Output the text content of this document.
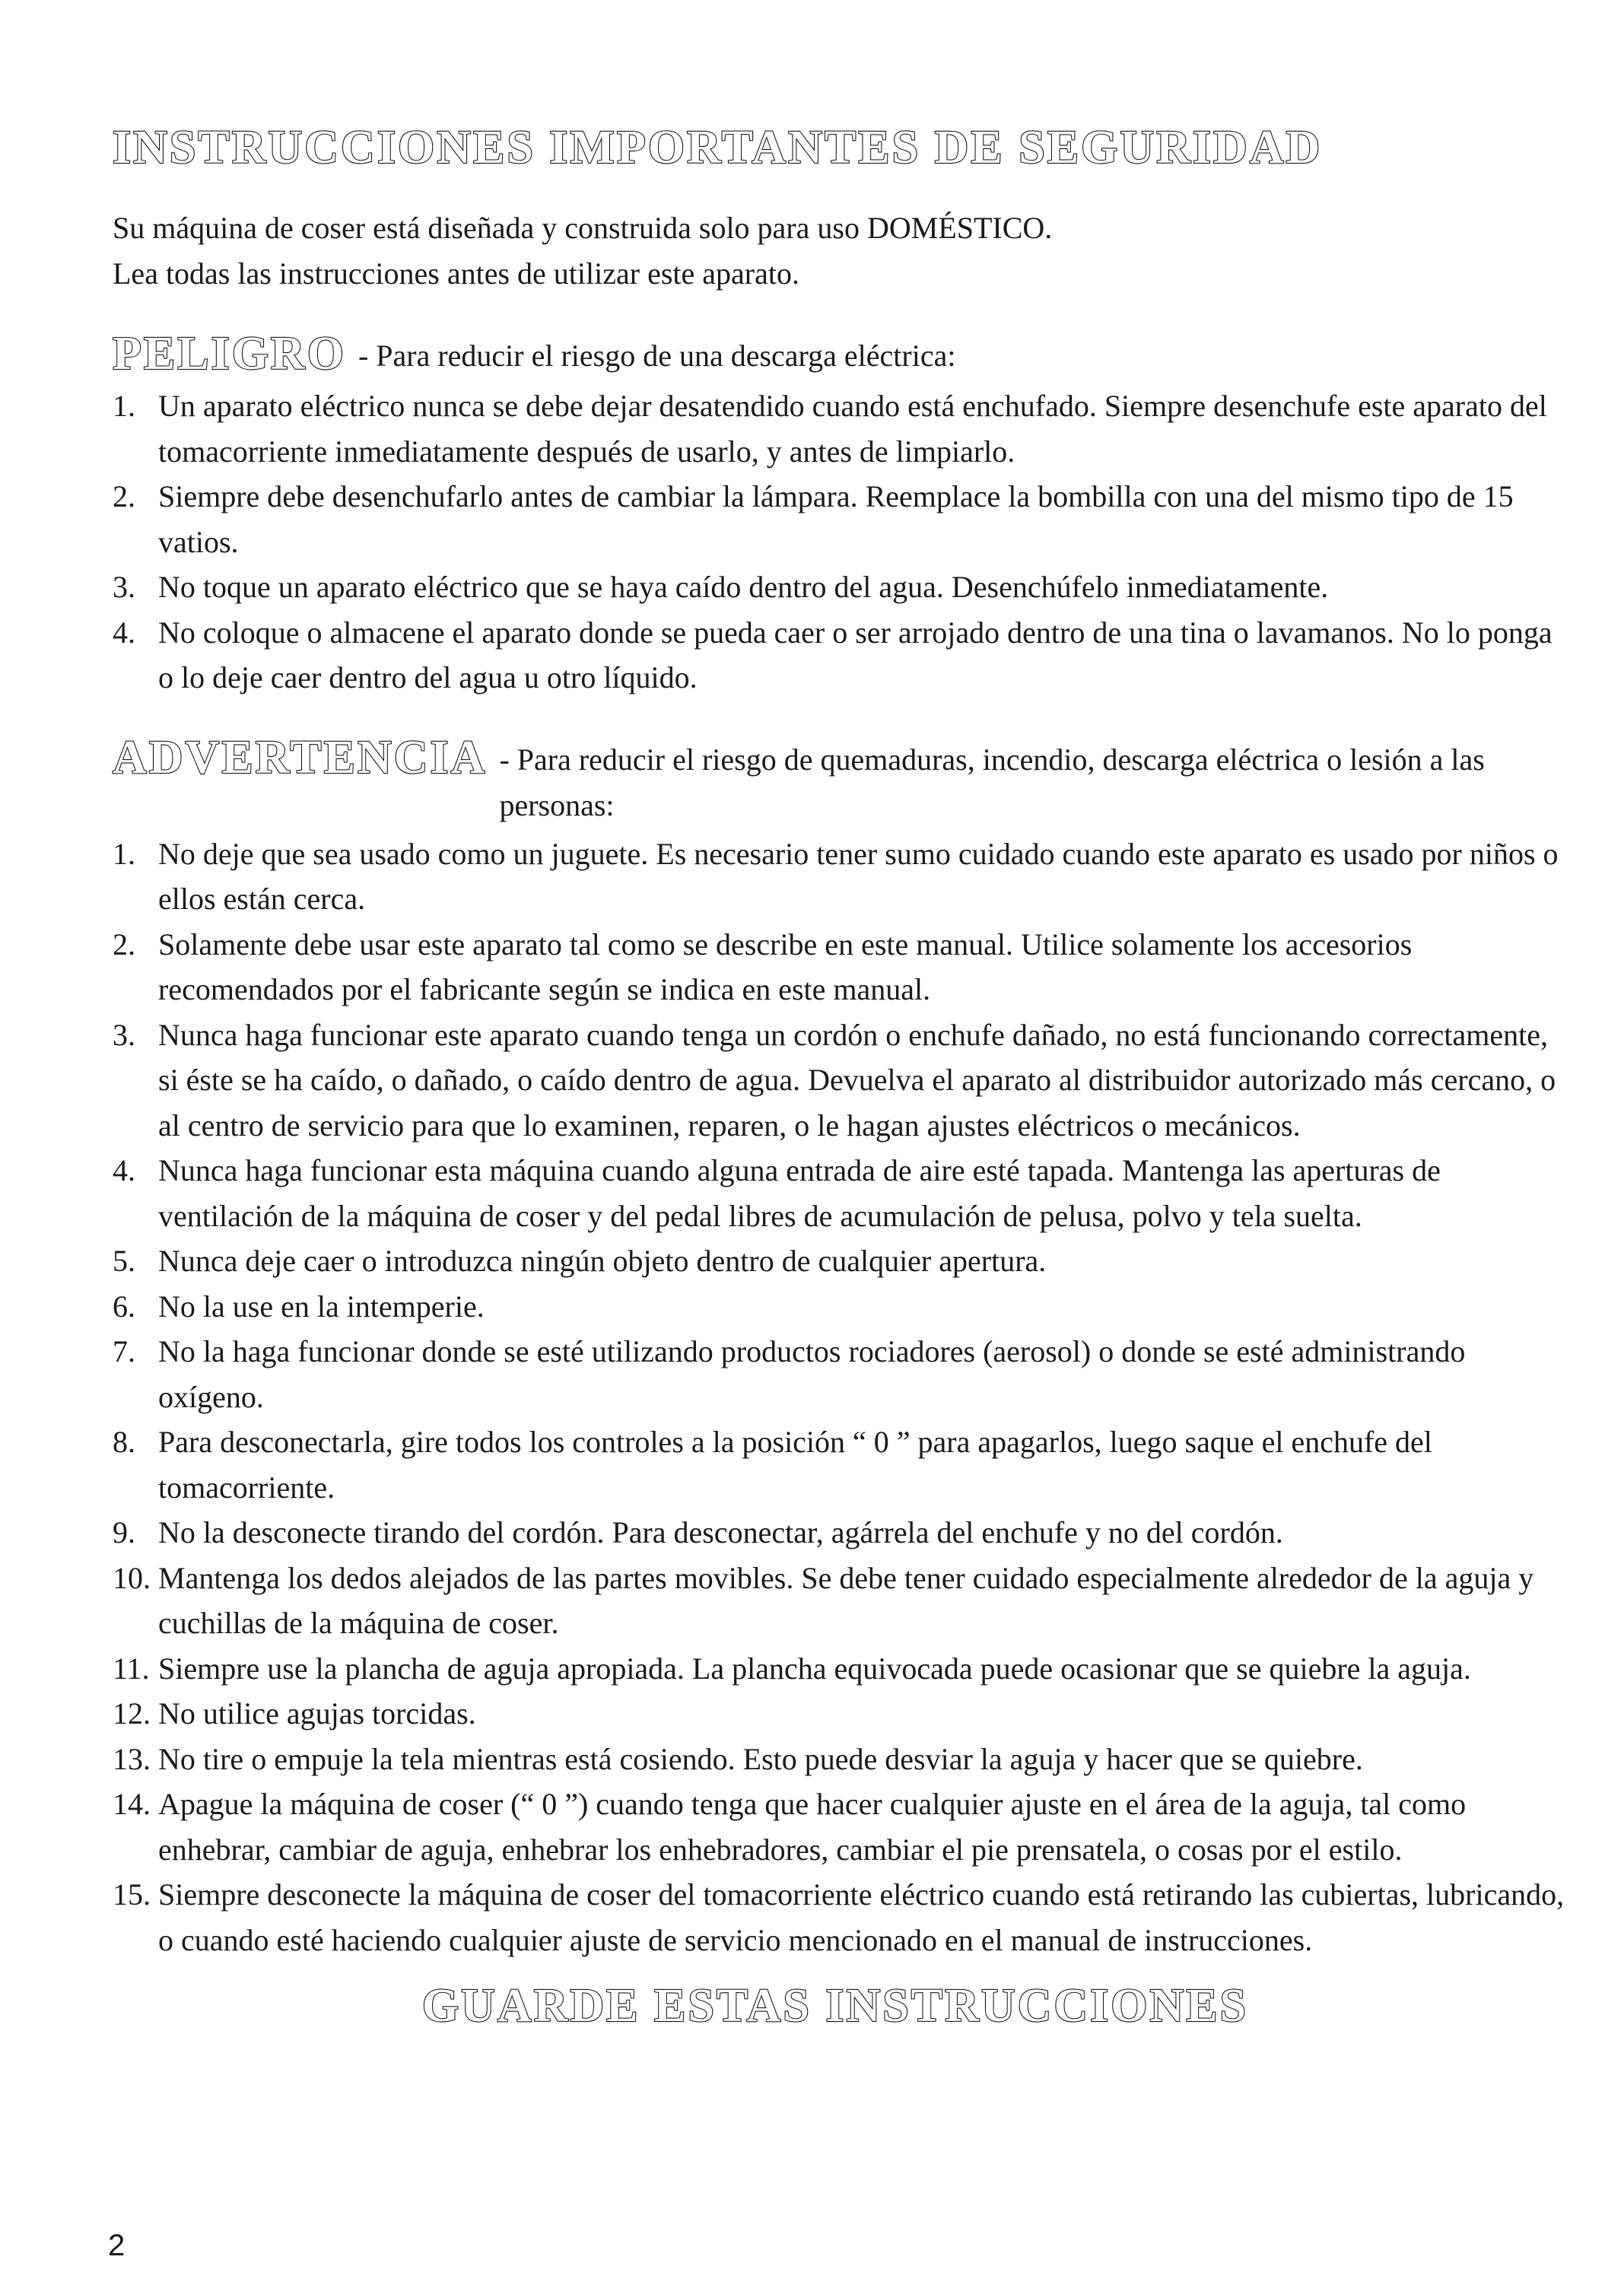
INSTRUCCIONES IMPORTANTES DE SEGURIDAD

Su máquina de coser está diseñada y construida solo para uso DOMÉSTICO.

Lea todas las instrucciones antes de utilizar este aparato.

PELIGRO - Para reducir el riesgo de una descarga eléctrica:
1. Un aparato eléctrico nunca se debe dejar desatendido cuando está enchufado. Siempre desenchufe este aparato del tomacorriente inmediatamente después de usarlo, y antes de limpiarlo.
2. Siempre debe desenchufarlo antes de cambiar la lámpara. Reemplace la bombilla con una del mismo tipo de 15 vatios.
3. No toque un aparato eléctrico que se haya caído dentro del agua. Desenchúfelo inmediatamente.
4. No coloque o almacene el aparato donde se pueda caer o ser arrojado dentro de una tina o lavamanos. No lo ponga o lo deje caer dentro del agua u otro líquido.
ADVERTENCIA - Para reducir el riesgo de quemaduras, incendio, descarga eléctrica o lesión a las personas:
1. No deje que sea usado como un juguete. Es necesario tener sumo cuidado cuando este aparato es usado por niños o ellos están cerca.
2. Solamente debe usar este aparato tal como se describe en este manual. Utilice solamente los accesorios recomendados por el fabricante según se indica en este manual.
3. Nunca haga funcionar este aparato cuando tenga un cordón o enchufe dañado, no está funcionando correctamente, si éste se ha caído, o dañado, o caído dentro de agua. Devuelva el aparato al distribuidor autorizado más cercano, o al centro de servicio para que lo examinen, reparen, o le hagan ajustes eléctricos o mecánicos.
4. Nunca haga funcionar esta máquina cuando alguna entrada de aire esté tapada. Mantenga las aperturas de ventilación de la máquina de coser y del pedal libres de acumulación de pelusa, polvo y tela suelta.
5. Nunca deje caer o introduzca ningún objeto dentro de cualquier apertura.
6. No la use en la intemperie.
7. No la haga funcionar donde se esté utilizando productos rociadores (aerosol) o donde se esté administrando oxígeno.
8. Para desconectarla, gire todos los controles a la posición “ 0 ” para apagarlos, luego saque el enchufe del tomacorriente.
9. No la desconecte tirando del cordón. Para desconectar, agárrela del enchufe y no del cordón.
10. Mantenga los dedos alejados de las partes movibles. Se debe tener cuidado especialmente alrededor de la aguja y cuchillas de la máquina de coser.
11. Siempre use la plancha de aguja apropiada. La plancha equivocada puede ocasionar que se quiebre la aguja.
12. No utilice agujas torcidas.
13. No tire o empuje la tela mientras está cosiendo. Esto puede desviar la aguja y hacer que se quiebre.
14. Apague la máquina de coser (“ 0 ”) cuando tenga que hacer cualquier ajuste en el área de la aguja, tal como enhebrar, cambiar de aguja, enhebrar los enhebradores, cambiar el pie prensatela, o cosas por el estilo.
15. Siempre desconecte la máquina de coser del tomacorriente eléctrico cuando está retirando las cubiertas, lubricando, o cuando esté haciendo cualquier ajuste de servicio mencionado en el manual de instrucciones.
GUARDE ESTAS INSTRUCCIONES
2
